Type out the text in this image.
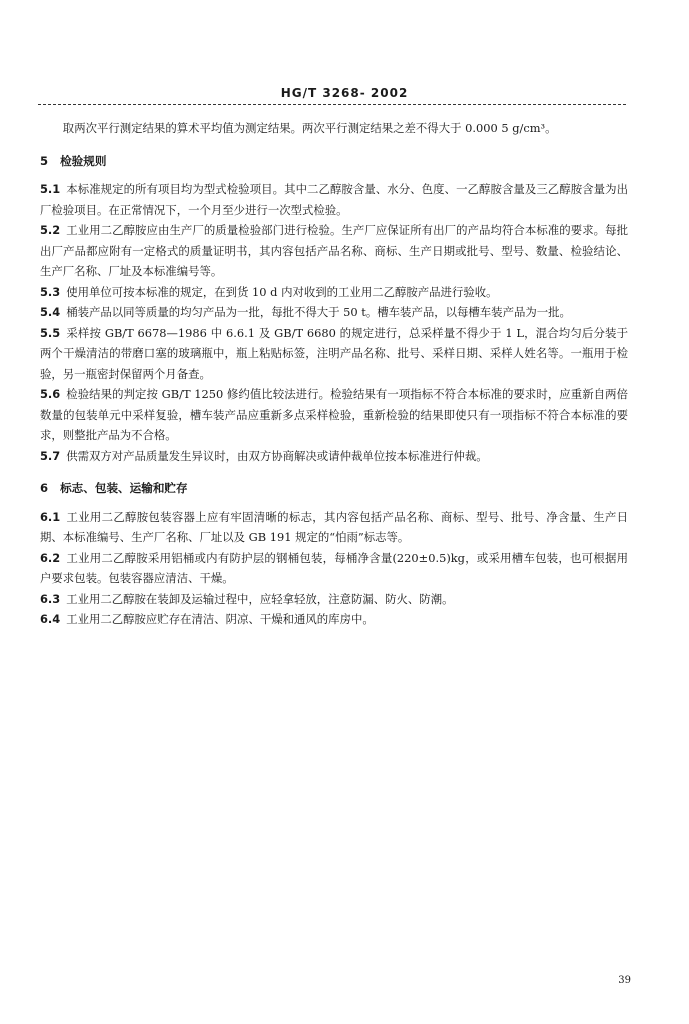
HG/T 3268- 2002

取两次平行测定结果的算术平均值为测定结果。两次平行测定结果之差不得大于 0.000 5 g/cm³。

5 检验规则

5.1 本标准规定的所有项目均为型式检验项目。其中二乙醇胺含量、水分、色度、一乙醇胺含量及三乙醇胺含量为出厂检验项目。在正常情况下，一个月至少进行一次型式检验。

5.2 工业用二乙醇胺应由生产厂的质量检验部门进行检验。生产厂应保证所有出厂的产品均符合本标准的要求。每批出厂产品都应附有一定格式的质量证明书，其内容包括产品名称、商标、生产日期或批号、型号、数量、检验结论、生产厂名称、厂址及本标准编号等。

5.3 使用单位可按本标准的规定，在到货 10 d 内对收到的工业用二乙醇胺产品进行验收。

5.4 桶装产品以同等质量的均匀产品为一批，每批不得大于 50 t。槽车装产品，以每槽车装产品为一批。

5.5 采样按 GB/T 6678—1986 中 6.6.1 及 GB/T 6680 的规定进行，总采样量不得少于 1 L，混合均匀后分装于两个干燥清洁的带磨口塞的玻璃瓶中，瓶上粘贴标签，注明产品名称、批号、采样日期、采样人姓名等。一瓶用于检验，另一瓶密封保留两个月备查。

5.6 检验结果的判定按 GB/T 1250 修约值比较法进行。检验结果有一项指标不符合本标准的要求时，应重新自两倍数量的包装单元中采样复验，槽车装产品应重新多点采样检验，重新检验的结果即使只有一项指标不符合本标准的要求，则整批产品为不合格。

5.7 供需双方对产品质量发生异议时，由双方协商解决或请仲裁单位按本标准进行仲裁。

6 标志、包装、运输和贮存

6.1 工业用二乙醇胺包装容器上应有牢固清晰的标志，其内容包括产品名称、商标、型号、批号、净含量、生产日期、本标准编号、生产厂名称、厂址以及 GB 191 规定的“怕雨”标志等。

6.2 工业用二乙醇胺采用铝桶或内有防护层的钢桶包装，每桶净含量(220±0.5)kg，或采用槽车包装，也可根据用户要求包装。包装容器应清洁、干燥。

6.3 工业用二乙醇胺在装卸及运输过程中，应轻拿轻放，注意防漏、防火、防潮。

6.4 工业用二乙醇胺应贮存在清洁、阴凉、干燥和通风的库房中。

39
